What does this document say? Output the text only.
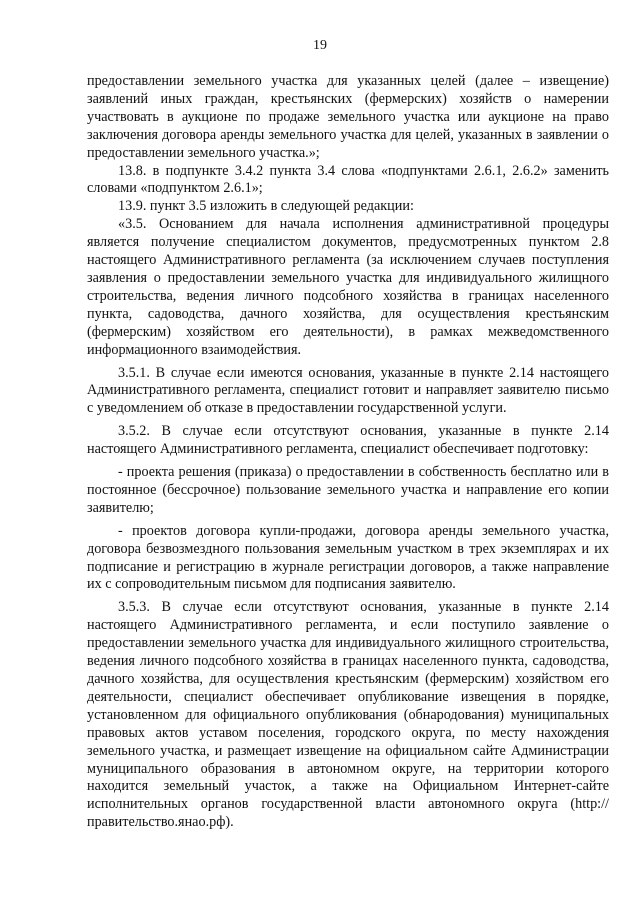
19

предоставлении земельного участка для указанных целей (далее – извещение) заявлений иных граждан, крестьянских (фермерских) хозяйств о намерении участвовать в аукционе по продаже земельного участка или аукционе на право заключения договора аренды земельного участка для целей, указанных в заявлении о предоставлении земельного участка.»;

13.8. в подпункте 3.4.2 пункта 3.4 слова «подпунктами 2.6.1, 2.6.2» заменить словами «подпунктом 2.6.1»;

13.9. пункт 3.5 изложить в следующей редакции:

«3.5. Основанием для начала исполнения административной процедуры является получение специалистом документов, предусмотренных пунктом 2.8 настоящего Административного регламента (за исключением случаев поступления заявления о предоставлении земельного участка для индивидуального жилищного строительства, ведения личного подсобного хозяйства в границах населенного пункта, садоводства, дачного хозяйства, для осуществления крестьянским (фермерским) хозяйством его деятельности), в рамках межведомственного информационного взаимодействия.

3.5.1. В случае если имеются основания, указанные в пункте 2.14 настоящего Административного регламента, специалист готовит и направляет заявителю письмо с уведомлением об отказе в предоставлении государственной услуги.

3.5.2. В случае если отсутствуют основания, указанные в пункте 2.14 настоящего Административного регламента, специалист обеспечивает подготовку:

- проекта решения (приказа) о предоставлении в собственность бесплатно или в постоянное (бессрочное) пользование земельного участка и направление его копии заявителю;

- проектов договора купли-продажи, договора аренды земельного участка, договора безвозмездного пользования земельным участком в трех экземплярах и их подписание и регистрацию в журнале регистрации договоров, а также направление их с сопроводительным письмом для подписания заявителю.

3.5.3. В случае если отсутствуют основания, указанные в пункте 2.14 настоящего Административного регламента, и если поступило заявление о предоставлении земельного участка для индивидуального жилищного строительства, ведения личного подсобного хозяйства в границах населенного пункта, садоводства, дачного хозяйства, для осуществления крестьянским (фермерским) хозяйством его деятельности, специалист обеспечивает опубликование извещения в порядке, установленном для официального опубликования (обнародования) муниципальных правовых актов уставом поселения, городского округа, по месту нахождения земельного участка, и размещает извещение на официальном сайте Администрации муниципального образования в автономном округе, на территории которого находится земельный участок, а также на Официальном Интернет-сайте исполнительных органов государственной власти автономного округа (http://правительство.янао.рф).
